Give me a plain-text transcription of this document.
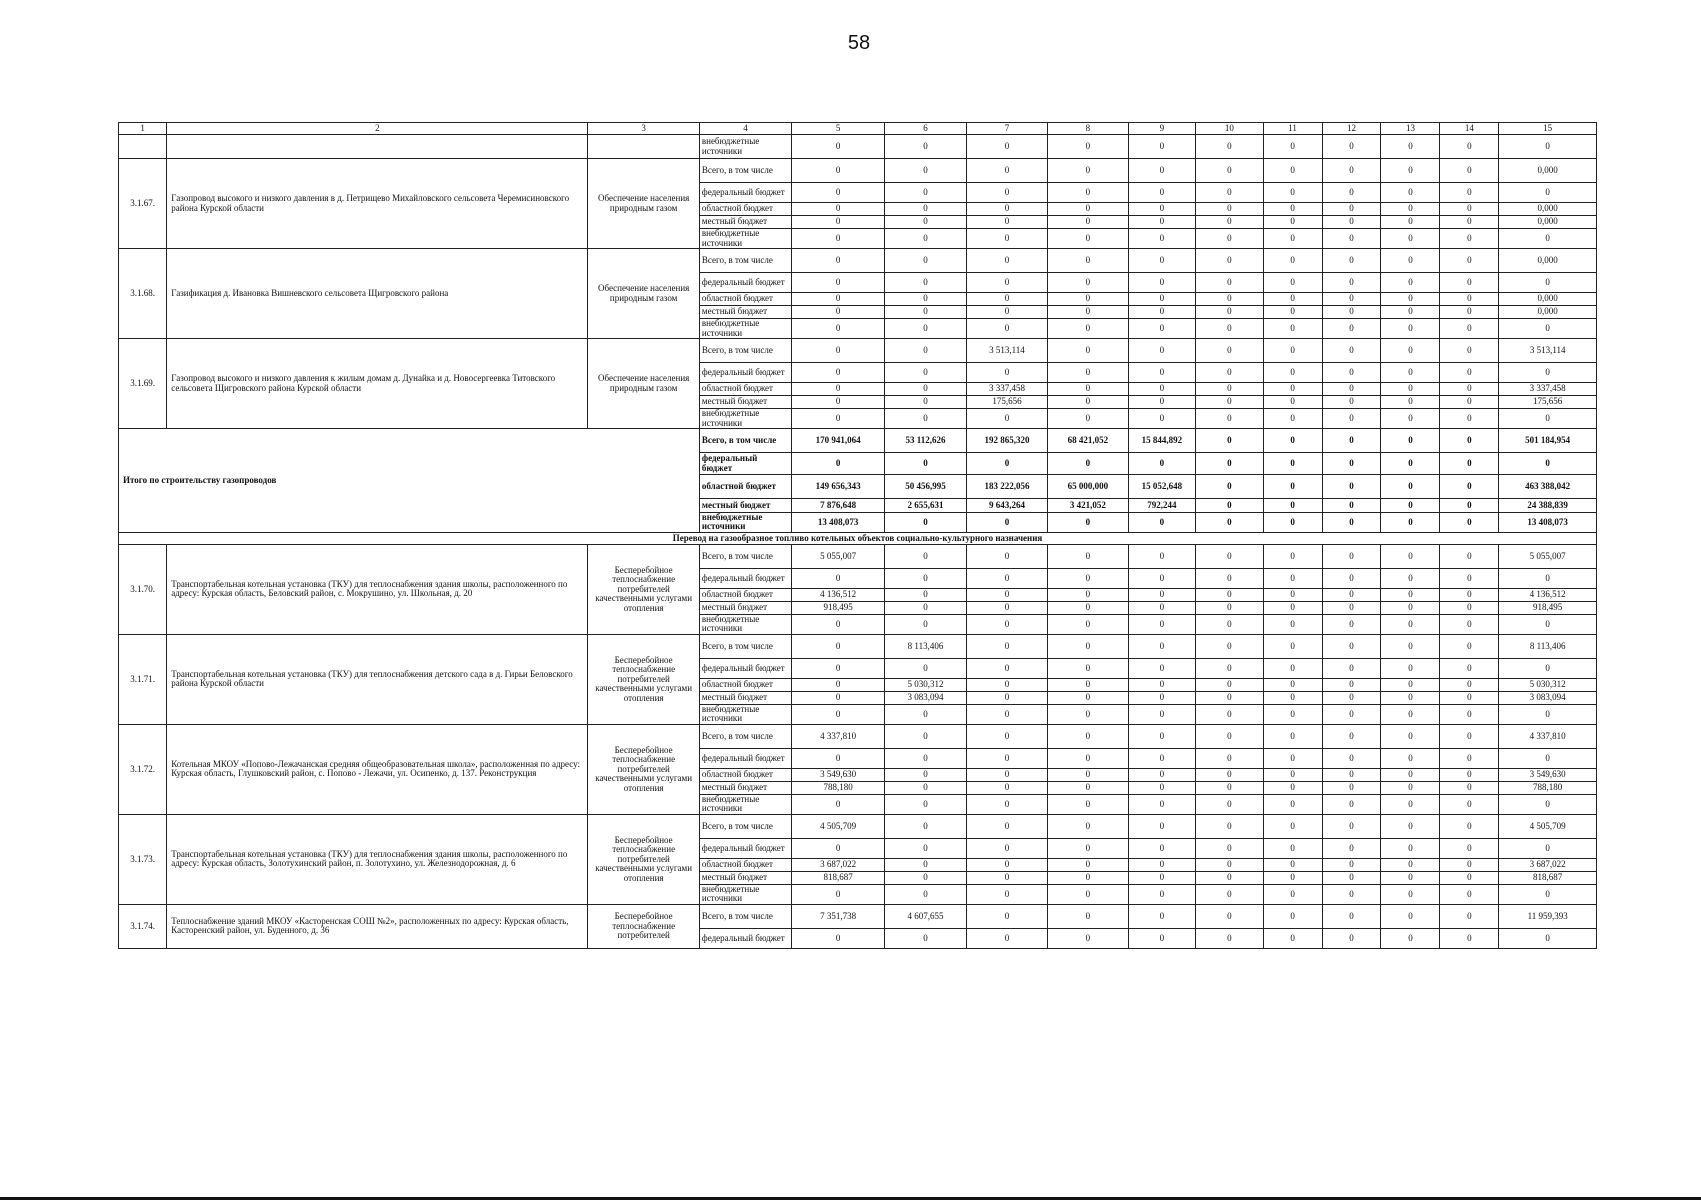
58
1	2	3	4	5	6	7	8	9	10	11	12	13	14	15
			внебюджетные источники	0	0	0	0	0	0	0	0	0	0	0
3.1.67.	Газопровод высокого и низкого давления в д. Петрищево Михайловского сельсовета Черемисиновского района Курской области	Обеспечение населения природным газом	Всего, в том числе	0	0	0	0	0	0	0	0	0	0	0,000
			федеральный бюджет	0	0	0	0	0	0	0	0	0	0	0
			областной бюджет	0	0	0	0	0	0	0	0	0	0	0,000
			местный бюджет	0	0	0	0	0	0	0	0	0	0	0,000
			внебюджетные источники	0	0	0	0	0	0	0	0	0	0	0
3.1.68.	Газификация д. Ивановка Вишневского сельсовета Щигровского района	Обеспечение населения природным газом	Всего, в том числе	0	0	0	0	0	0	0	0	0	0	0,000
			федеральный бюджет	0	0	0	0	0	0	0	0	0	0	0
			областной бюджет	0	0	0	0	0	0	0	0	0	0	0,000
			местный бюджет	0	0	0	0	0	0	0	0	0	0	0,000
			внебюджетные источники	0	0	0	0	0	0	0	0	0	0	0
3.1.69.	Газопровод высокого и низкого давления к жилым домам д. Дунайка и д. Новосергеевка Титовского сельсовета Щигровского района Курской области	Обеспечение населения природным газом	Всего, в том числе	0	0	3 513,114	0	0	0	0	0	0	0	3 513,114
			федеральный бюджет	0	0	0	0	0	0	0	0	0	0	0
			областной бюджет	0	0	3 337,458	0	0	0	0	0	0	0	3 337,458
			местный бюджет	0	0	175,656	0	0	0	0	0	0	0	175,656
			внебюджетные источники	0	0	0	0	0	0	0	0	0	0	0
Итого по строительству газопроводов			Всего, в том числе	170 941,064	53 112,626	192 865,320	68 421,052	15 844,892	0	0	0	0	0	501 184,954
			федеральный бюджет	0	0	0	0	0	0	0	0	0	0	0
			областной бюджет	149 656,343	50 456,995	183 222,056	65 000,000	15 052,648	0	0	0	0	0	463 388,042
			местный бюджет	7 876,648	2 655,631	9 643,264	3 421,052	792,244	0	0	0	0	0	24 388,839
			внебюджетные источники	13 408,073	0	0	0	0	0	0	0	0	0	13 408,073
Перевод на газообразное топливо котельных объектов социально-культурного назначения														
3.1.70.	Транспортабельная котельная установка (ТКУ) для теплоснабжения здания школы, расположенного по адресу: Курская область, Беловский район, с. Мокрушино, ул. Школьная, д. 20	Бесперебойное теплоснабжение потребителей качественными услугами отопления	Всего, в том числе	5 055,007	0	0	0	0	0	0	0	0	0	5 055,007
			федеральный бюджет	0	0	0	0	0	0	0	0	0	0	0
			областной бюджет	4 136,512	0	0	0	0	0	0	0	0	0	4 136,512
			местный бюджет	918,495	0	0	0	0	0	0	0	0	0	918,495
			внебюджетные источники	0	0	0	0	0	0	0	0	0	0	0
3.1.71.	Транспортабельная котельная установка (ТКУ) для теплоснабжения детского сада в д. Гирьи Беловского района Курской области	Бесперебойное теплоснабжение потребителей качественными услугами отопления	Всего, в том числе	0	8 113,406	0	0	0	0	0	0	0	0	8 113,406
			федеральный бюджет	0	0	0	0	0	0	0	0	0	0	0
			областной бюджет	0	5 030,312	0	0	0	0	0	0	0	0	5 030,312
			местный бюджет	0	3 083,094	0	0	0	0	0	0	0	0	3 083,094
			внебюджетные источники	0	0	0	0	0	0	0	0	0	0	0
3.1.72.	Котельная МКОУ «Попово-Лежачанская средняя общеобразовательная школа», расположенная по адресу: Курская область, Глушковский район, с. Попово - Лежачи, ул. Осипенко, д. 137. Реконструкция	Бесперебойное теплоснабжение потребителей качественными услугами отопления	Всего, в том числе	4 337,810	0	0	0	0	0	0	0	0	0	4 337,810
			федеральный бюджет	0	0	0	0	0	0	0	0	0	0	0
			областной бюджет	3 549,630	0	0	0	0	0	0	0	0	0	3 549,630
			местный бюджет	788,180	0	0	0	0	0	0	0	0	0	788,180
			внебюджетные источники	0	0	0	0	0	0	0	0	0	0	0
3.1.73.	Транспортабельная котельная установка (ТКУ) для теплоснабжения здания школы, расположенного по адресу: Курская область, Золотухинский район, п. Золотухино, ул. Железнодорожная, д. 6	Бесперебойное теплоснабжение потребителей качественными услугами отопления	Всего, в том числе	4 505,709	0	0	0	0	0	0	0	0	0	4 505,709
			федеральный бюджет	0	0	0	0	0	0	0	0	0	0	0
			областной бюджет	3 687,022	0	0	0	0	0	0	0	0	0	3 687,022
			местный бюджет	818,687	0	0	0	0	0	0	0	0	0	818,687
			внебюджетные источники	0	0	0	0	0	0	0	0	0	0	0
3.1.74.	Теплоснабжение зданий МКОУ «Касторенская СОШ №2», расположенных по адресу: Курская область, Касторенский район, ул. Буденного, д. 36	Бесперебойное теплоснабжение потребителей	Всего, в том числе	7 351,738	4 607,655	0	0	0	0	0	0	0	0	11 959,393
			федеральный бюджет	0	0	0	0	0	0	0	0	0	0	0
